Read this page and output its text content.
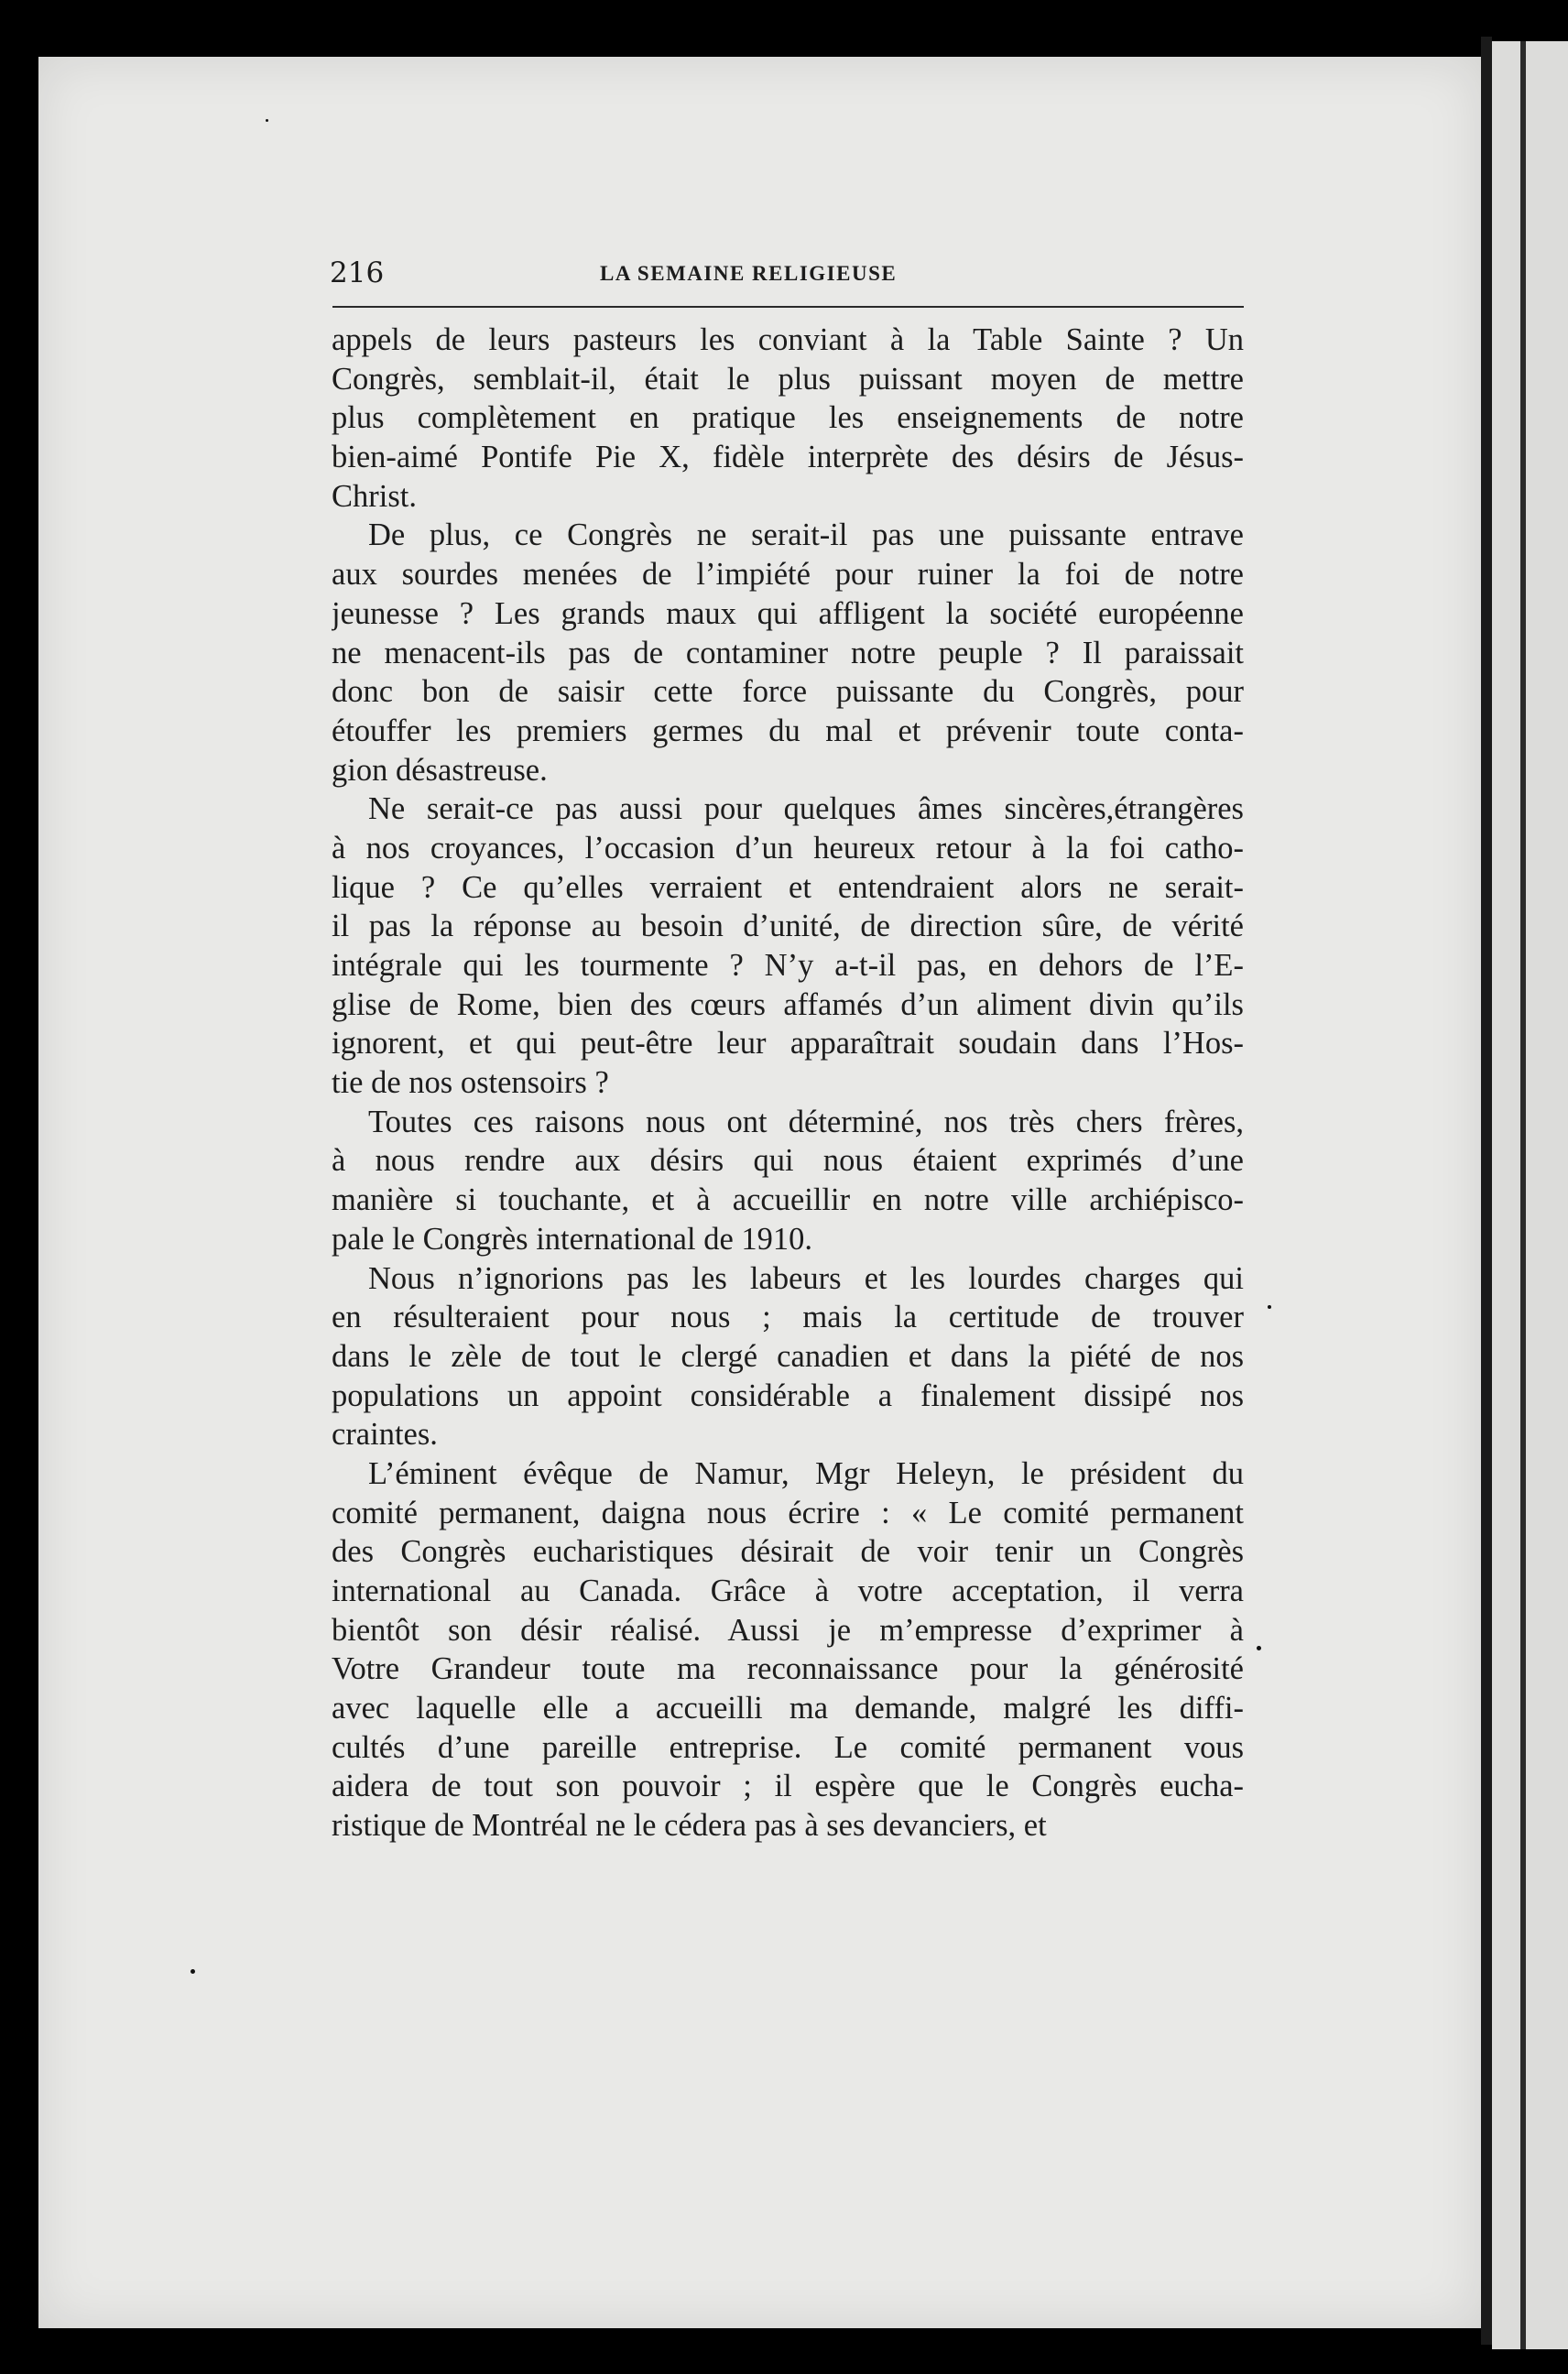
216	LA SEMAINE RELIGIEUSE
appels de leurs pasteurs les conviant à la Table Sainte ? Un
Congrès, semblait-il, était le plus puissant moyen de mettre
plus complètement en pratique les enseignements de notre
bien-aimé Pontife Pie X, fidèle interprète des désirs de Jésus-
Christ.
De plus, ce Congrès ne serait-il pas une puissante entrave
aux sourdes menées de l’impiété pour ruiner la foi de notre
jeunesse ? Les grands maux qui affligent la société européenne
ne menacent-ils pas de contaminer notre peuple ? Il paraissait
donc bon de saisir cette force puissante du Congrès, pour
étouffer les premiers germes du mal et prévenir toute conta-
gion désastreuse.
Ne serait-ce pas aussi pour quelques âmes sincères,étrangères
à nos croyances, l’occasion d’un heureux retour à la foi catho-
lique ? Ce qu’elles verraient et entendraient alors ne serait-
il pas la réponse au besoin d’unité, de direction sûre, de vérité
intégrale qui les tourmente ? N’y a-t-il pas, en dehors de l’E-
glise de Rome, bien des cœurs affamés d’un aliment divin qu’ils
ignorent, et qui peut-être leur apparaîtrait soudain dans l’Hos-
tie de nos ostensoirs ?
Toutes ces raisons nous ont déterminé, nos très chers frères,
à nous rendre aux désirs qui nous étaient exprimés d’une
manière si touchante, et à accueillir en notre ville archiépisco-
pale le Congrès international de 1910.
Nous n’ignorions pas les labeurs et les lourdes charges qui
en résulteraient pour nous ; mais la certitude de trouver
dans le zèle de tout le clergé canadien et dans la piété de nos
populations un appoint considérable a finalement dissipé nos
craintes.
L’éminent évêque de Namur, Mgr Heleyn, le président du
comité permanent, daigna nous écrire : « Le comité permanent
des Congrès eucharistiques désirait de voir tenir un Congrès
international au Canada. Grâce à votre acceptation, il verra
bientôt son désir réalisé. Aussi je m’empresse d’exprimer à
Votre Grandeur toute ma reconnaissance pour la générosité
avec laquelle elle a accueilli ma demande, malgré les diffi-
cultés d’une pareille entreprise. Le comité permanent vous
aidera de tout son pouvoir ; il espère que le Congrès eucha-
ristique de Montréal ne le cédera pas à ses devanciers, et
